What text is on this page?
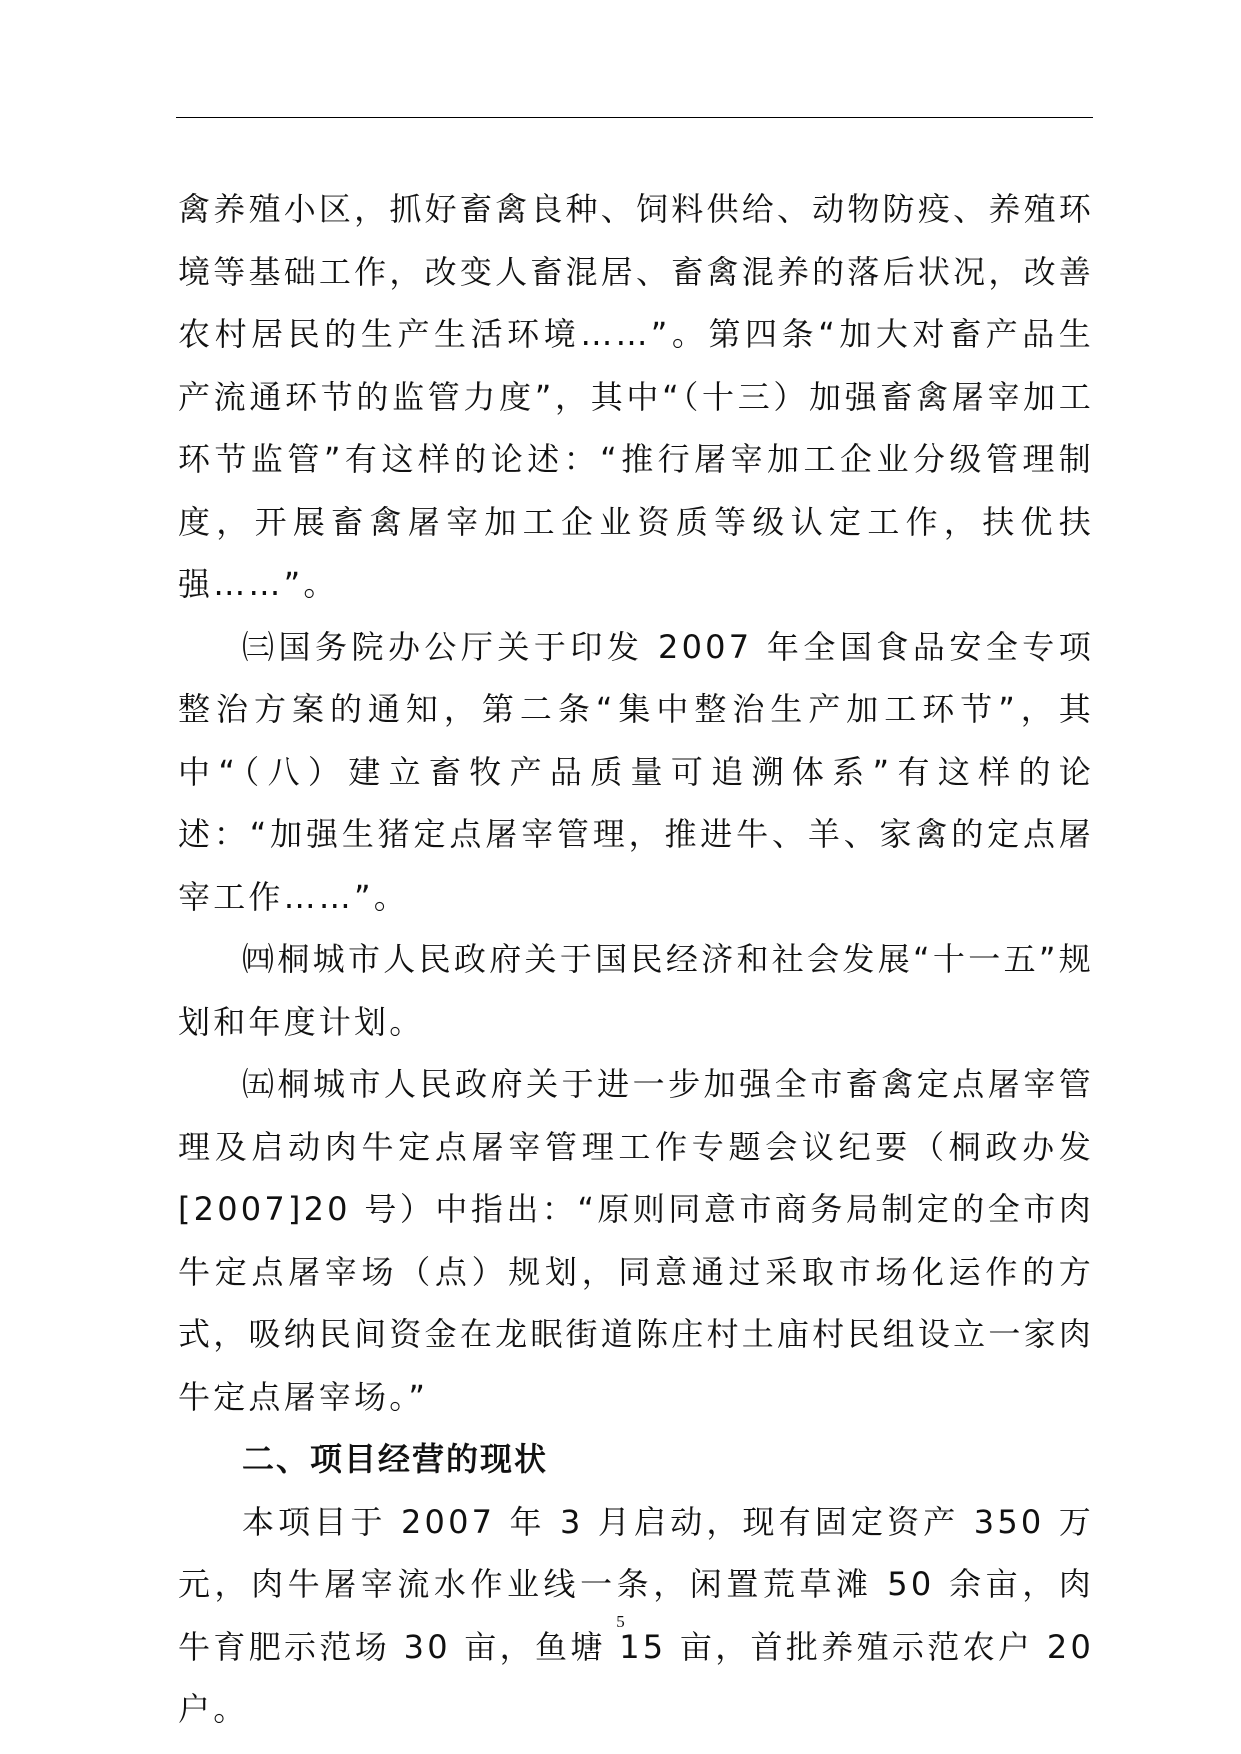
禽养殖小区，抓好畜禽良种、饲料供给、动物防疫、养殖环境等基础工作，改变人畜混居、畜禽混养的落后状况，改善农村居民的生产生活环境……”。第四条“加大对畜产品生产流通环节的监管力度”，其中“（十三）加强畜禽屠宰加工环节监管”有这样的论述：“推行屠宰加工企业分级管理制度，开展畜禽屠宰加工企业资质等级认定工作，扶优扶强……”。

㈢国务院办公厅关于印发 2007 年全国食品安全专项整治方案的通知，第二条“集中整治生产加工环节”，其中“（八）建立畜牧产品质量可追溯体系”有这样的论述：“加强生猪定点屠宰管理，推进牛、羊、家禽的定点屠宰工作……”。

㈣桐城市人民政府关于国民经济和社会发展“十一五”规划和年度计划。

㈤桐城市人民政府关于进一步加强全市畜禽定点屠宰管理及启动肉牛定点屠宰管理工作专题会议纪要（桐政办发[2007]20 号）中指出：“原则同意市商务局制定的全市肉牛定点屠宰场（点）规划，同意通过采取市场化运作的方式，吸纳民间资金在龙眠街道陈庄村土庙村民组设立一家肉牛定点屠宰场。”

二、项目经营的现状

本项目于 2007 年 3 月启动，现有固定资产 350 万元，肉牛屠宰流水作业线一条，闲置荒草滩 50 余亩，肉牛育肥示范场 30 亩，鱼塘 15 亩，首批养殖示范农户 20 户。

5
